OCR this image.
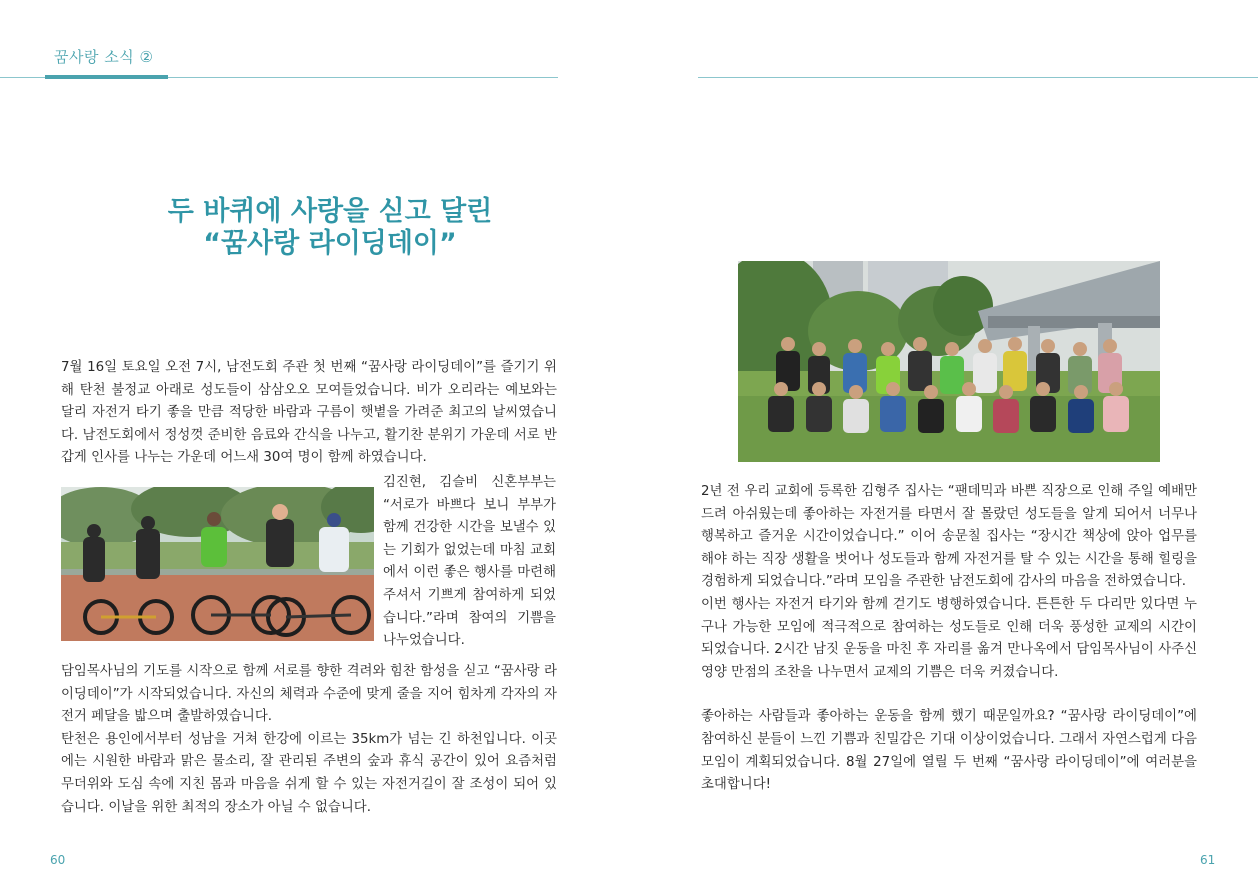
꿈사랑 소식 ②
두 바퀴에 사랑을 싣고 달린
“꿈사랑 라이딩데이”
7월 16일 토요일 오전 7시, 남전도회 주관 첫 번째 “꿈사랑 라이딩데이”를 즐기기 위해 탄천 불정교 아래로 성도들이 삼삼오오 모여들었습니다. 비가 오리라는 예보와는 달리 자전거 타기 좋을 만큼 적당한 바람과 구름이 햇볕을 가려준 최고의 날씨였습니다. 남전도회에서 정성껏 준비한 음료와 간식을 나누고, 활기찬 분위기 가운데 서로 반갑게 인사를 나누는 가운데 어느새 30여 명이 함께 하였습니다.
김진현, 김슬비 신혼부부는 “서로가 바쁘다 보니 부부가 함께 건강한 시간을 보낼수 있는 기회가 없었는데 마침 교회에서 이런 좋은 행사를 마련해주셔서 기쁘게 참여하게 되었습니다.”라며 참여의 기쁨을 나누었습니다.

담임목사님의 기도를 시작으로 함께 서로를 향한 격려와 힘찬 함성을 싣고 “꿈사랑 라이딩데이”가 시작되었습니다. 자신의 체력과 수준에 맞게 줄을 지어 힘차게 각자의 자전거 페달을 밟으며 출발하였습니다.

탄천은 용인에서부터 성남을 거쳐 한강에 이르는 35km가 넘는 긴 하천입니다. 이곳에는 시원한 바람과 맑은 물소리, 잘 관리된 주변의 숲과 휴식 공간이 있어 요즘처럼 무더위와 도심 속에 지친 몸과 마음을 쉬게 할 수 있는 자전거길이 잘 조성이 되어 있습니다. 이날을 위한 최적의 장소가 아닐 수 없습니다.

2년 전 우리 교회에 등록한 김형주 집사는 “팬데믹과 바쁜 직장으로 인해 주일 예배만 드려 아쉬웠는데 좋아하는 자전거를 타면서 잘 몰랐던 성도들을 알게 되어서 너무나 행복하고 즐거운 시간이었습니다.” 이어 송문칠 집사는 “장시간 책상에 앉아 업무를 해야 하는 직장 생활을 벗어나 성도들과 함께 자전거를 탈 수 있는 시간을 통해 힐링을 경험하게 되었습니다.”라며 모임을 주관한 남전도회에 감사의 마음을 전하였습니다.

이번 행사는 자전거 타기와 함께 걷기도 병행하였습니다. 튼튼한 두 다리만 있다면 누구나 가능한 모임에 적극적으로 참여하는 성도들로 인해 더욱 풍성한 교제의 시간이 되었습니다. 2시간 남짓 운동을 마친 후 자리를 옮겨 만나옥에서 담임목사님이 사주신 영양 만점의 조찬을 나누면서 교제의 기쁨은 더욱 커졌습니다.

좋아하는 사람들과 좋아하는 운동을 함께 했기 때문일까요? “꿈사랑 라이딩데이”에 참여하신 분들이 느낀 기쁨과 친밀감은 기대 이상이었습니다. 그래서 자연스럽게 다음 모임이 계획되었습니다. 8월 27일에 열릴 두 번째 “꿈사랑 라이딩데이”에 여러분을 초대합니다!

60	61
